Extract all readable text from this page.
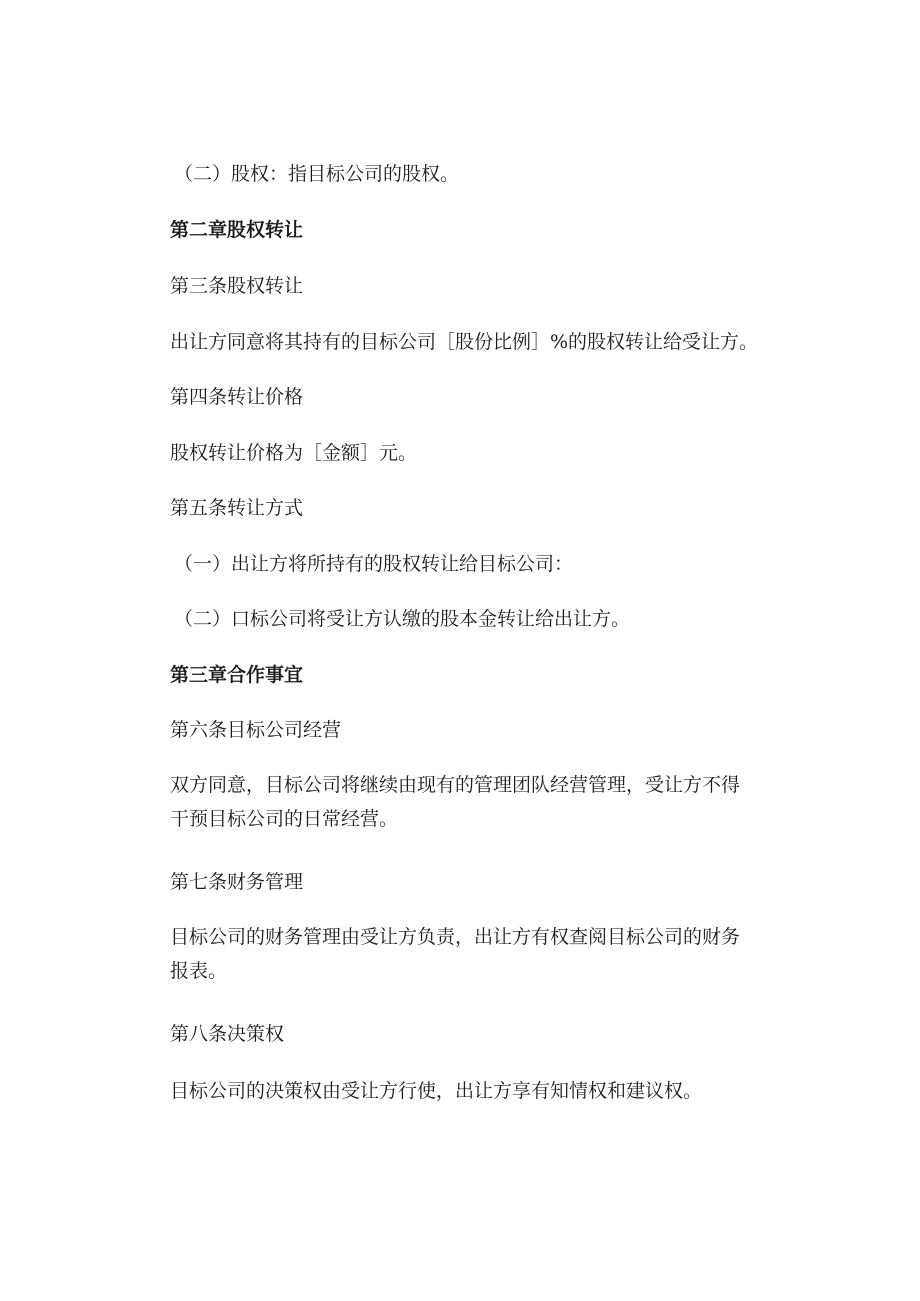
（二）股权：指目标公司的股权。
第二章股权转让
第三条股权转让
出让方同意将其持有的目标公司［股份比例］%的股权转让给受让方。
第四条转让价格
股权转让价格为［金额］元。
第五条转让方式
（一）出让方将所持有的股权转让给目标公司：
（二）口标公司将受让方认缴的股本金转让给出让方。
第三章合作事宜
第六条目标公司经营
双方同意，目标公司将继续由现有的管理团队经营管理，受让方不得
干预目标公司的日常经营。
第七条财务管理
目标公司的财务管理由受让方负责，出让方有权查阅目标公司的财务
报表。
第八条决策权
目标公司的决策权由受让方行使，出让方享有知情权和建议权。
